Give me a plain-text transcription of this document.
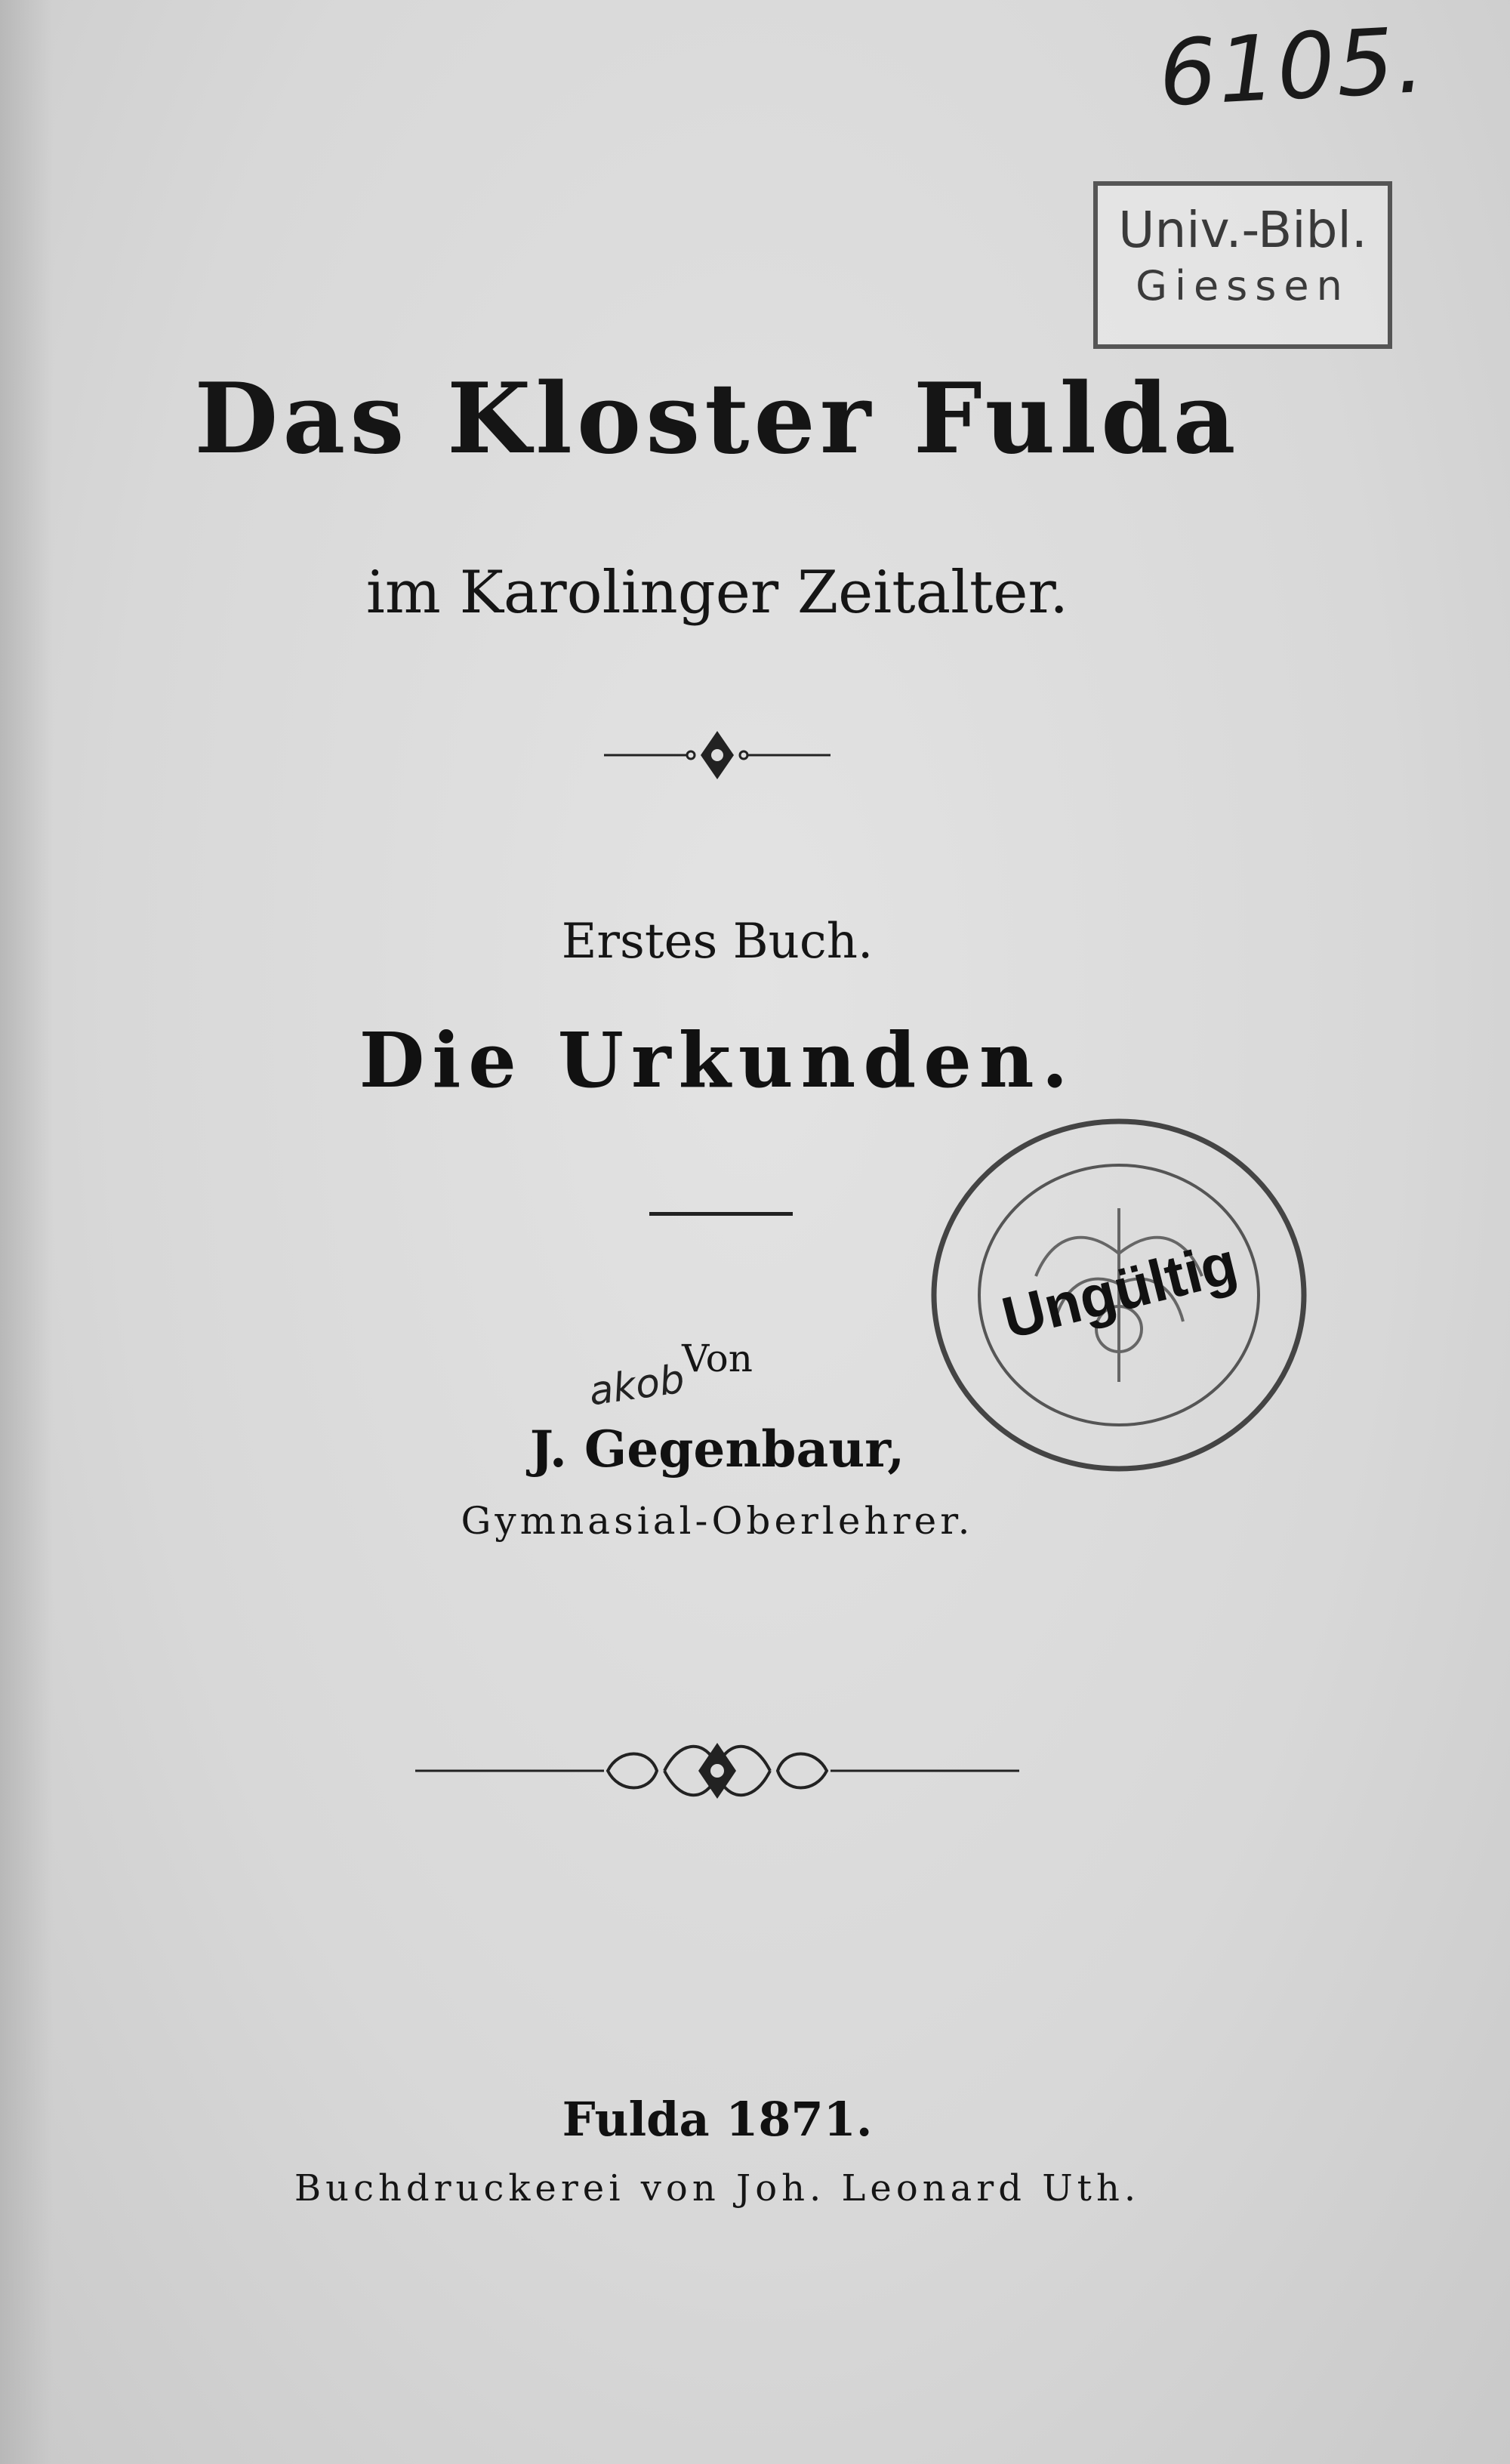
6105.
Univ.-Bibl.
Giessen
Das Kloster Fulda
im Karolinger Zeitalter.
Erstes Buch.
Die Urkunden.
akob
Von
J. Gegenbaur,
Gymnasial-Oberlehrer.
Ungültig
Fulda 1871.
Buchdruckerei von Joh. Leonard Uth.
